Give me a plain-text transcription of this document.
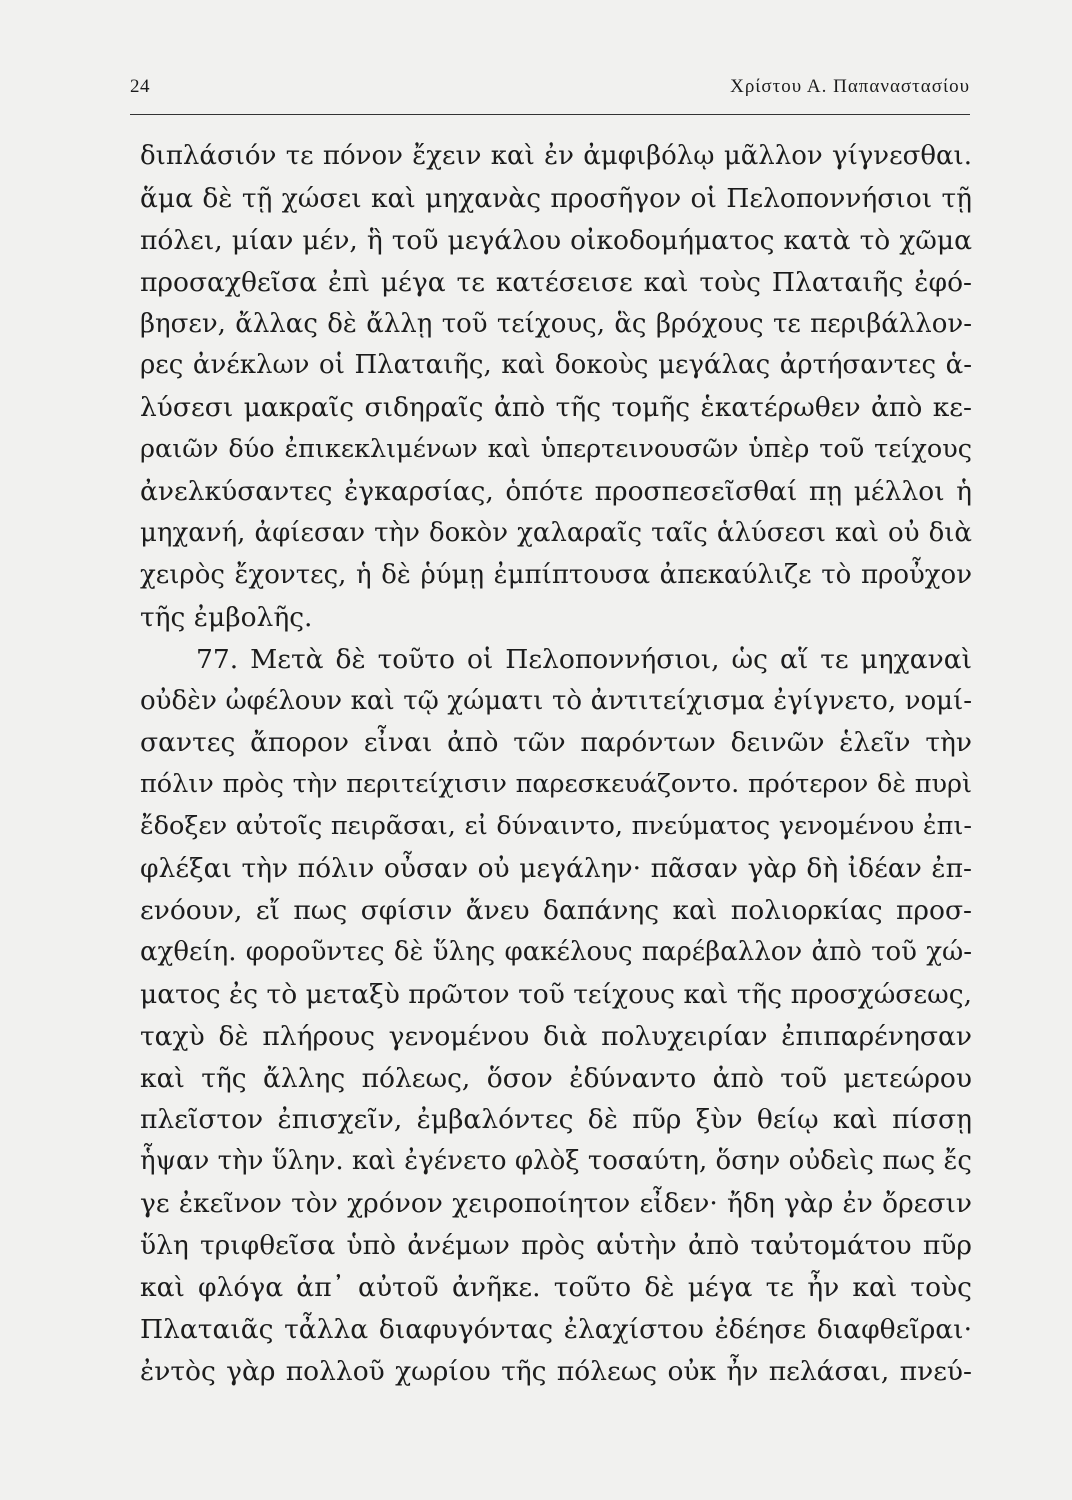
24	Χρίστου Α. Παπαναστασίου
διπλάσιόν τε πόνον ἔχειν καὶ ἐν ἀμφιβόλῳ μᾶλλον γίγνεσθαι.
ἅμα δὲ τῇ χώσει καὶ μηχανὰς προσῆγον οἱ Πελοποννήσιοι τῇ
πόλει, μίαν μέν, ἣ τοῦ μεγάλου οἰκοδομήματος κατὰ τὸ χῶμα
προσαχθεῖσα ἐπὶ μέγα τε κατέσεισε καὶ τοὺς Πλαταιῆς ἐφό-
βησεν, ἄλλας δὲ ἄλλῃ τοῦ τείχους, ἃς βρόχους τε περιβάλλον-
ρες ἀνέκλων οἱ Πλαταιῆς, καὶ δοκοὺς μεγάλας ἀρτήσαντες ἁ-
λύσεσι μακραῖς σιδηραῖς ἀπὸ τῆς τομῆς ἑκατέρωθεν ἀπὸ κε-
ραιῶν δύο ἐπικεκλιμένων καὶ ὑπερτεινουσῶν ὑπὲρ τοῦ τείχους
ἀνελκύσαντες ἐγκαρσίας, ὁπότε προσπεσεῖσθαί πῃ μέλλοι ἡ
μηχανή, ἀφίεσαν τὴν δοκὸν χαλαραῖς ταῖς ἁλύσεσι καὶ οὐ διὰ
χειρὸς ἔχοντες, ἡ δὲ ῥύμῃ ἐμπίπτουσα ἀπεκαύλιζε τὸ προὖχον
τῆς ἐμβολῆς.
77. Μετὰ δὲ τοῦτο οἱ Πελοποννήσιοι, ὡς αἵ τε μηχαναὶ
οὐδὲν ὠφέλουν καὶ τῷ χώματι τὸ ἀντιτείχισμα ἐγίγνετο, νομί-
σαντες ἄπορον εἶναι ἀπὸ τῶν παρόντων δεινῶν ἑλεῖν τὴν
πόλιν πρὸς τὴν περιτείχισιν παρεσκευάζοντο. πρότερον δὲ πυρὶ
ἔδοξεν αὐτοῖς πειρᾶσαι, εἰ δύναιντο, πνεύματος γενομένου ἐπι-
φλέξαι τὴν πόλιν οὖσαν οὐ μεγάλην· πᾶσαν γὰρ δὴ ἰδέαν ἐπ-
ενόουν, εἴ πως σφίσιν ἄνευ δαπάνης καὶ πολιορκίας προσ-
αχθείη. φοροῦντες δὲ ὕλης φακέλους παρέβαλλον ἀπὸ τοῦ χώ-
ματος ἐς τὸ μεταξὺ πρῶτον τοῦ τείχους καὶ τῆς προσχώσεως,
ταχὺ δὲ πλήρους γενομένου διὰ πολυχειρίαν ἐπιπαρένησαν
καὶ τῆς ἄλλης πόλεως, ὅσον ἐδύναντο ἀπὸ τοῦ μετεώρου
πλεῖστον ἐπισχεῖν, ἐμβαλόντες δὲ πῦρ ξὺν θείῳ καὶ πίσσῃ
ἧψαν τὴν ὕλην. καὶ ἐγένετο φλὸξ τοσαύτη, ὅσην οὐδεὶς πως ἔς
γε ἐκεῖνον τὸν χρόνον χειροποίητον εἶδεν· ἤδη γὰρ ἐν ὄρεσιν
ὕλη τριφθεῖσα ὑπὸ ἀνέμων πρὸς αὑτὴν ἀπὸ ταὐτομάτου πῦρ
καὶ φλόγα ἀπ᾽ αὐτοῦ ἀνῆκε. τοῦτο δὲ μέγα τε ἦν καὶ τοὺς
Πλαταιᾶς τἆλλα διαφυγόντας ἐλαχίστου ἐδέησε διαφθεῖραι·
ἐντὸς γὰρ πολλοῦ χωρίου τῆς πόλεως οὐκ ἦν πελάσαι, πνεύ-
